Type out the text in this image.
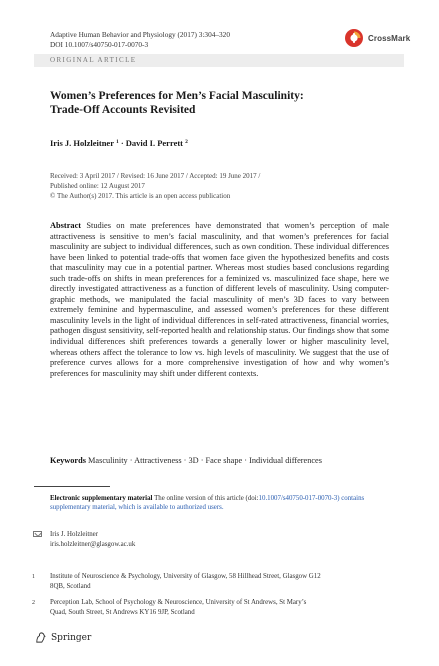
Adaptive Human Behavior and Physiology (2017) 3:304–320
DOI 10.1007/s40750-017-0070-3
CrossMark
ORIGINAL ARTICLE
Women’s Preferences for Men’s Facial Masculinity:
Trade-Off Accounts Revisited
Iris J. Holzleitner $^1$ · David I. Perrett $^2$
Received: 3 April 2017 / Revised: 16 June 2017 / Accepted: 19 June 2017 /
Published online: 12 August 2017
© The Author(s) 2017. This article is an open access publication
Abstract Studies on mate preferences have demonstrated that women’s perception of male attractiveness is sensitive to men’s facial masculinity, and that women’s preferences for facial masculinity are subject to individual differences, such as own condition. These individual differences have been linked to potential trade-offs that women face given the hypothesized benefits and costs that masculinity may cue in a potential partner. Whereas most studies based conclusions regarding such trade-offs on shifts in mean preferences for a feminized vs. masculinized face shape, here we directly investigated attractiveness as a function of different levels of masculinity. Using computer-graphic methods, we manipulated the facial masculinity of men’s 3D faces to vary between extremely feminine and hypermasculine, and assessed women’s preferences for these different masculinity levels in the light of individual differences in self-rated attractiveness, financial worries, pathogen disgust sensitivity, self-reported health and relationship status. Our findings show that some individual differences shift preferences towards a generally lower or higher masculinity level, whereas others affect the tolerance to low vs. high levels of masculinity. We suggest that the use of preference curves allows for a more comprehensive investigation of how and why women’s preferences for masculinity may shift under different contexts.
Keywords Masculinity · Attractiveness · 3D · Face shape · Individual differences
Electronic supplementary material The online version of this article (doi:10.1007/s40750-017-0070-3) contains supplementary material, which is available to authorized users.
Iris J. Holzleitner
iris.holzleitner@glasgow.ac.uk
1 Institute of Neuroscience & Psychology, University of Glasgow, 58 Hillhead Street, Glasgow G12
8QB, Scotland
2 Perception Lab, School of Psychology & Neuroscience, University of St Andrews, St Mary’s
Quad, South Street, St Andrews KY16 9JP, Scotland
Springer
